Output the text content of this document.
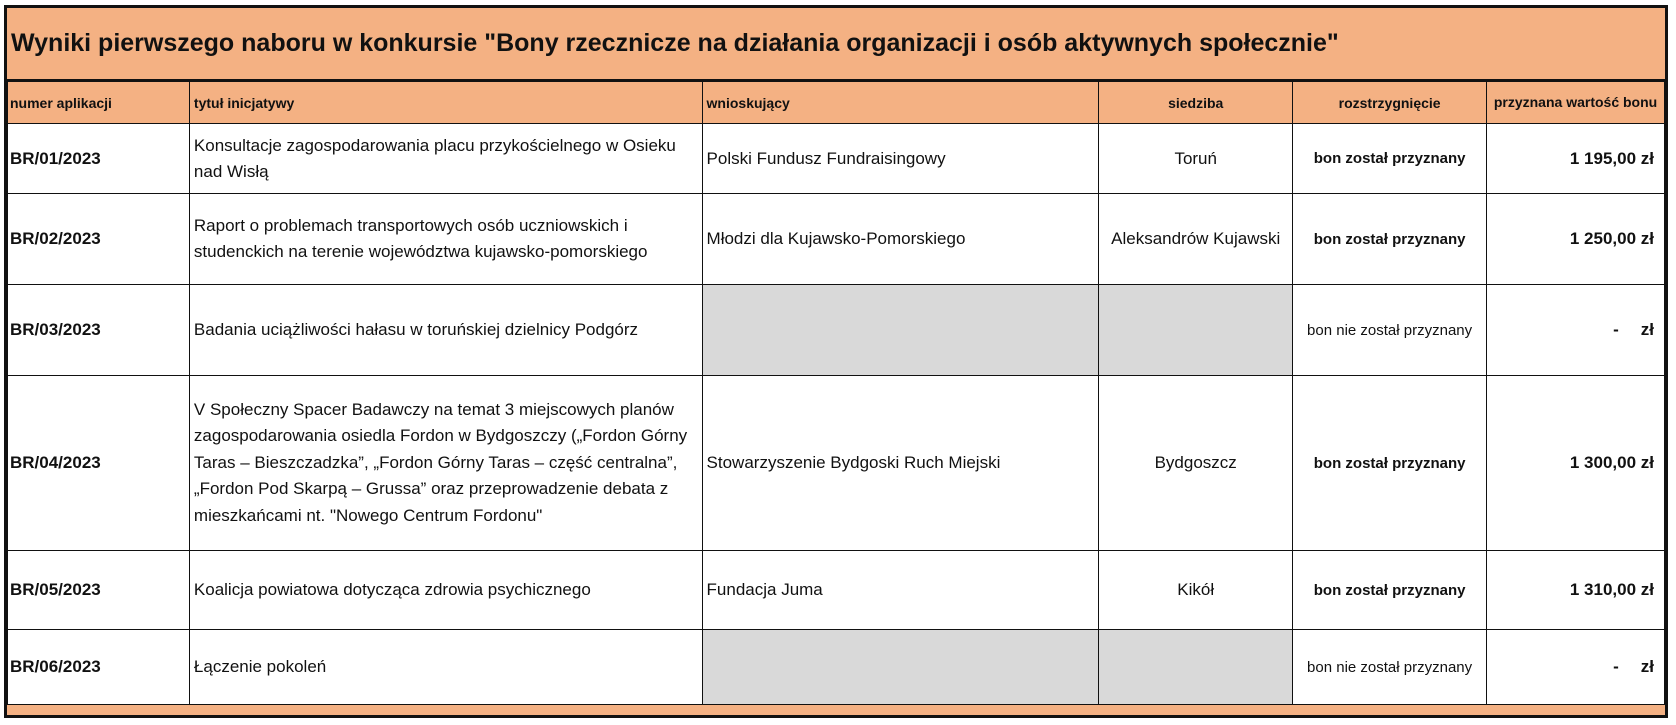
Wyniki pierwszego naboru w konkursie "Bony rzecznicze na działania organizacji i osób aktywnych społecznie"
numer aplikacji	tytuł inicjatywy	wnioskujący	siedziba	rozstrzygnięcie	przyznana wartość bonu
BR/01/2023	Konsultacje zagospodarowania placu przykościelnego w Osieku nad Wisłą	Polski Fundusz Fundraisingowy	Toruń	bon został przyznany	1 195,00 zł
BR/02/2023	Raport o problemach transportowych osób uczniowskich i studenckich na terenie województwa kujawsko-pomorskiego	Młodzi dla Kujawsko-Pomorskiego	Aleksandrów Kujawski	bon został przyznany	1 250,00 zł
BR/03/2023	Badania uciążliwości hałasu w toruńskiej dzielnicy Podgórz			bon nie został przyznany	- zł
BR/04/2023	V Społeczny Spacer Badawczy na temat 3 miejscowych planów zagospodarowania osiedla Fordon w Bydgoszczy („Fordon Górny Taras – Bieszczadzka”, „Fordon Górny Taras – część centralna”, „Fordon Pod Skarpą – Grussa” oraz przeprowadzenie debata z mieszkańcami nt. "Nowego Centrum Fordonu"	Stowarzyszenie Bydgoski Ruch Miejski	Bydgoszcz	bon został przyznany	1 300,00 zł
BR/05/2023	Koalicja powiatowa dotycząca zdrowia psychicznego	Fundacja Juma	Kikół	bon został przyznany	1 310,00 zł
BR/06/2023	Łączenie pokoleń			bon nie został przyznany	- zł
